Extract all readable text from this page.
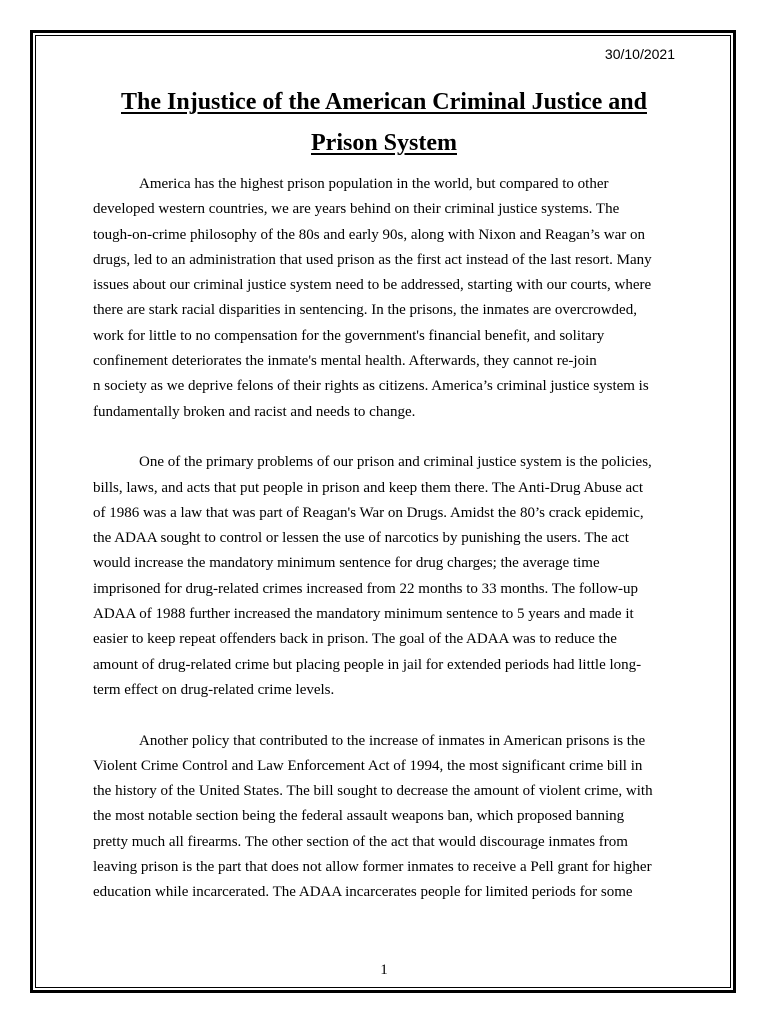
30/10/2021
The Injustice of the American Criminal Justice and
Prison System

America has the highest prison population in the world, but compared to other
developed western countries, we are years behind on their criminal justice systems. The
tough-on-crime philosophy of the 80s and early 90s, along with Nixon and Reagan’s war on
drugs, led to an administration that used prison as the first act instead of the last resort. Many
issues about our criminal justice system need to be addressed, starting with our courts, where
there are stark racial disparities in sentencing. In the prisons, the inmates are overcrowded,
work for little to no compensation for the government's financial benefit, and solitary
confinement deteriorates the inmate's mental health. Afterwards, they cannot re-join
n society as we deprive felons of their rights as citizens. America’s criminal justice system is
fundamentally broken and racist and needs to change.

One of the primary problems of our prison and criminal justice system is the policies,
bills, laws, and acts that put people in prison and keep them there. The Anti-Drug Abuse act
of 1986 was a law that was part of Reagan's War on Drugs. Amidst the 80’s crack epidemic,
the ADAA sought to control or lessen the use of narcotics by punishing the users. The act
would increase the mandatory minimum sentence for drug charges; the average time
imprisoned for drug-related crimes increased from 22 months to 33 months. The follow-up
ADAA of 1988 further increased the mandatory minimum sentence to 5 years and made it
easier to keep repeat offenders back in prison. The goal of the ADAA was to reduce the
amount of drug-related crime but placing people in jail for extended periods had little long-
term effect on drug-related crime levels.

Another policy that contributed to the increase of inmates in American prisons is the
Violent Crime Control and Law Enforcement Act of 1994, the most significant crime bill in
the history of the United States. The bill sought to decrease the amount of violent crime, with
the most notable section being the federal assault weapons ban, which proposed banning
pretty much all firearms. The other section of the act that would discourage inmates from
leaving prison is the part that does not allow former inmates to receive a Pell grant for higher
education while incarcerated. The ADAA incarcerates people for limited periods for some

1
